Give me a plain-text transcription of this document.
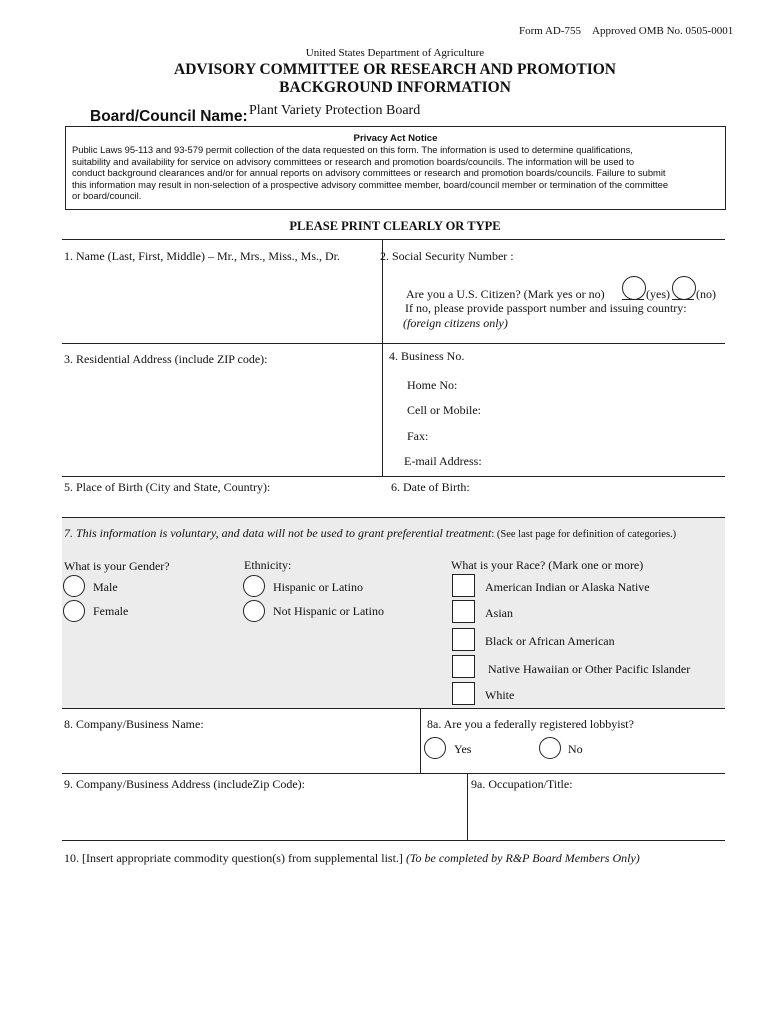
Form AD-755 Approved OMB No. 0505-0001
United States Department of Agriculture
ADVISORY COMMITTEE OR RESEARCH AND PROMOTION
BACKGROUND INFORMATION
Board/Council Name: Plant Variety Protection Board
Privacy Act Notice
Public Laws 95-113 and 93-579 permit collection of the data requested on this form. The information is used to determine qualifications,
suitability and availability for service on advisory committees or research and promotion boards/councils. The information will be used to
conduct background clearances and/or for annual reports on advisory committees or research and promotion boards/councils. Failure to submit
this information may result in non-selection of a prospective advisory committee member, board/council member or termination of the committee
or board/council.
PLEASE PRINT CLEARLY OR TYPE
1. Name (Last, First, Middle) – Mr., Mrs., Miss., Ms., Dr.	2. Social Security Number :
Are you a U.S. Citizen? (Mark yes or no)	(yes) (no)
If no, please provide passport number and issuing country:
(foreign citizens only)
3. Residential Address (include ZIP code):	4. Business No.
Home No:
Cell or Mobile:
Fax:
E-mail Address:
5. Place of Birth (City and State, Country):	6. Date of Birth:
7. This information is voluntary, and data will not be used to grant preferential treatment: (See last page for definition of categories.)
What is your Gender?
Male
Female
Ethnicity:
Hispanic or Latino
Not Hispanic or Latino
What is your Race? (Mark one or more)
American Indian or Alaska Native
Asian
Black or African American
Native Hawaiian or Other Pacific Islander
White
8. Company/Business Name:	8a. Are you a federally registered lobbyist?
Yes	No
9. Company/Business Address (includeZip Code):	9a. Occupation/Title:
10. [Insert appropriate commodity question(s) from supplemental list.] (To be completed by R&P Board Members Only)
